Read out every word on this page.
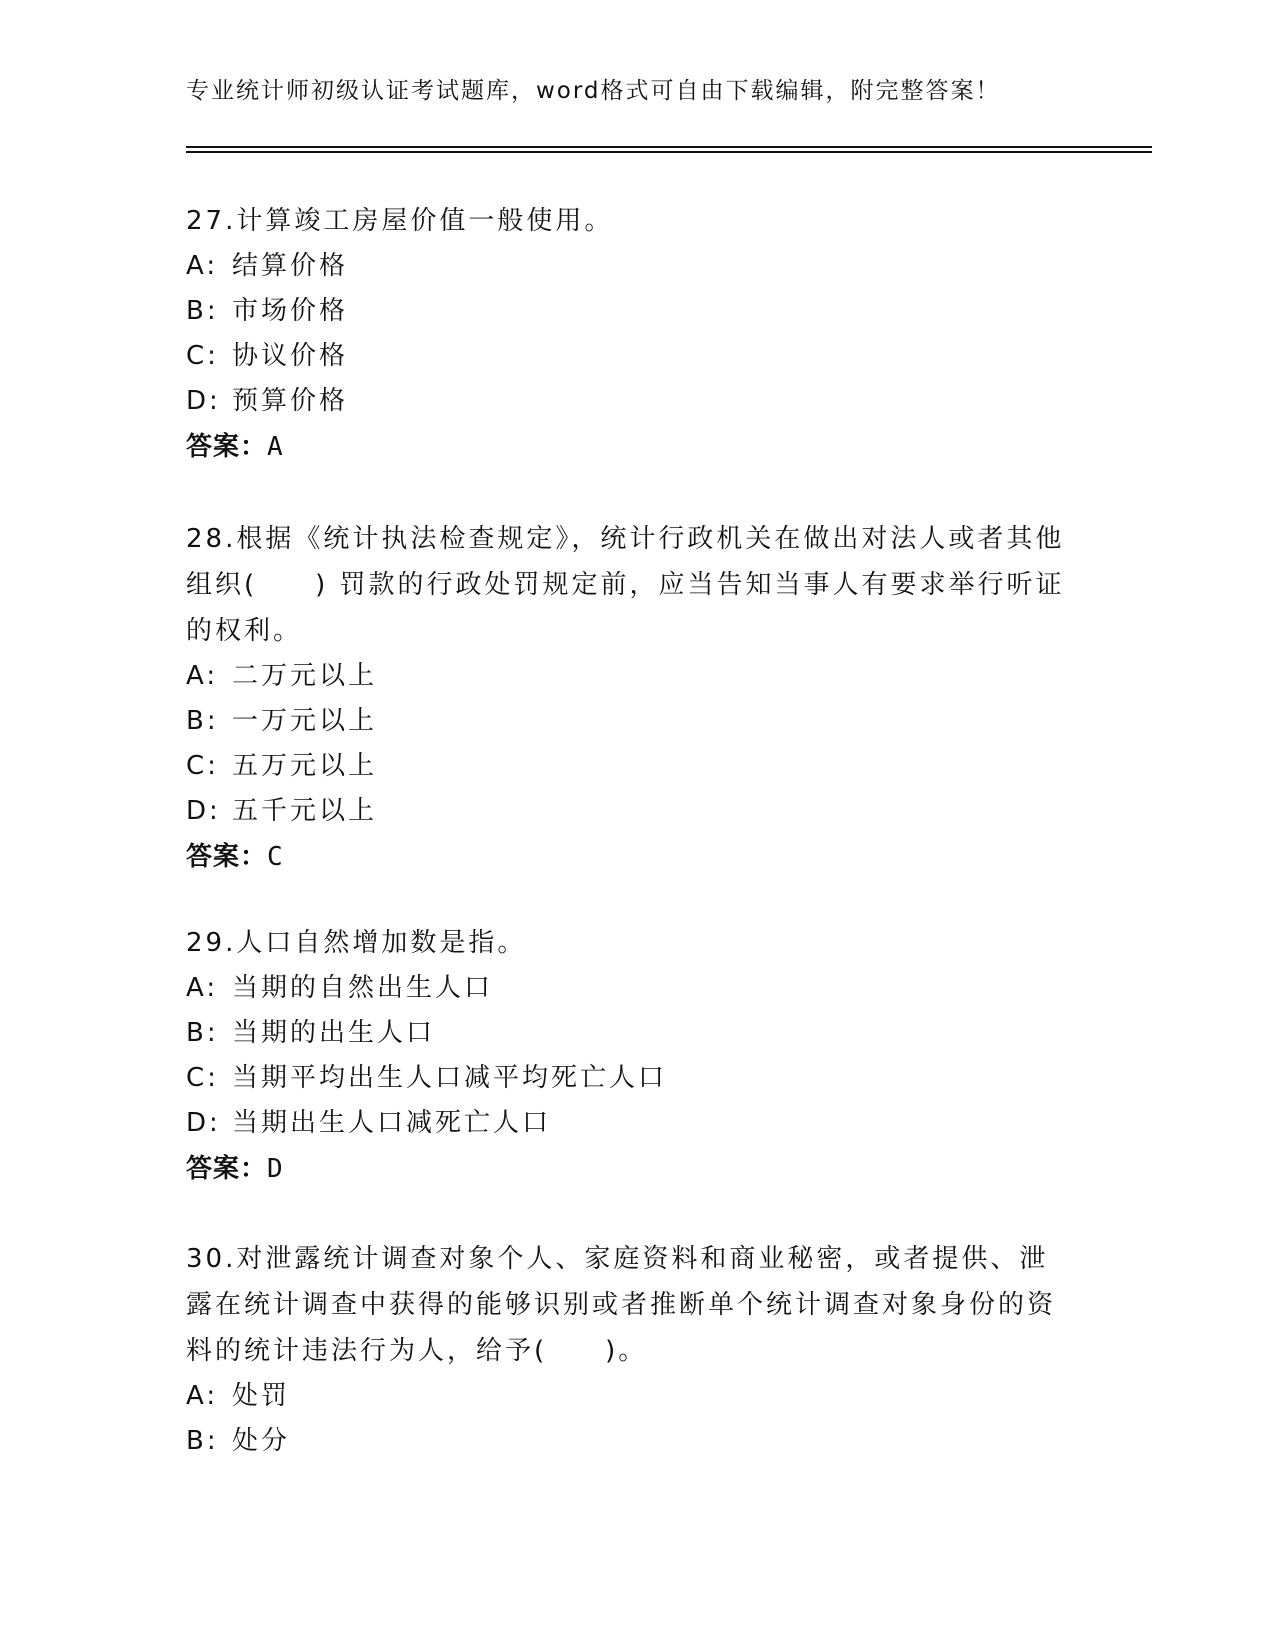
专业统计师初级认证考试题库，word格式可自由下载编辑，附完整答案！

27.计算竣工房屋价值一般使用。

A: 结算价格
B: 市场价格
C: 协议价格
D: 预算价格
答案：A

28.根据《统计执法检查规定》，统计行政机关在做出对法人或者其他组织(　　) 罚款的行政处罚规定前，应当告知当事人有要求举行听证的权利。

A: 二万元以上
B: 一万元以上
C: 五万元以上
D: 五千元以上
答案：C

29.人口自然增加数是指。

A: 当期的自然出生人口
B: 当期的出生人口
C: 当期平均出生人口减平均死亡人口
D: 当期出生人口减死亡人口
答案：D

30.对泄露统计调查对象个人、家庭资料和商业秘密，或者提供、泄露在统计调查中获得的能够识别或者推断单个统计调查对象身份的资料的统计违法行为人，给予(　　)。

A: 处罚
B: 处分
